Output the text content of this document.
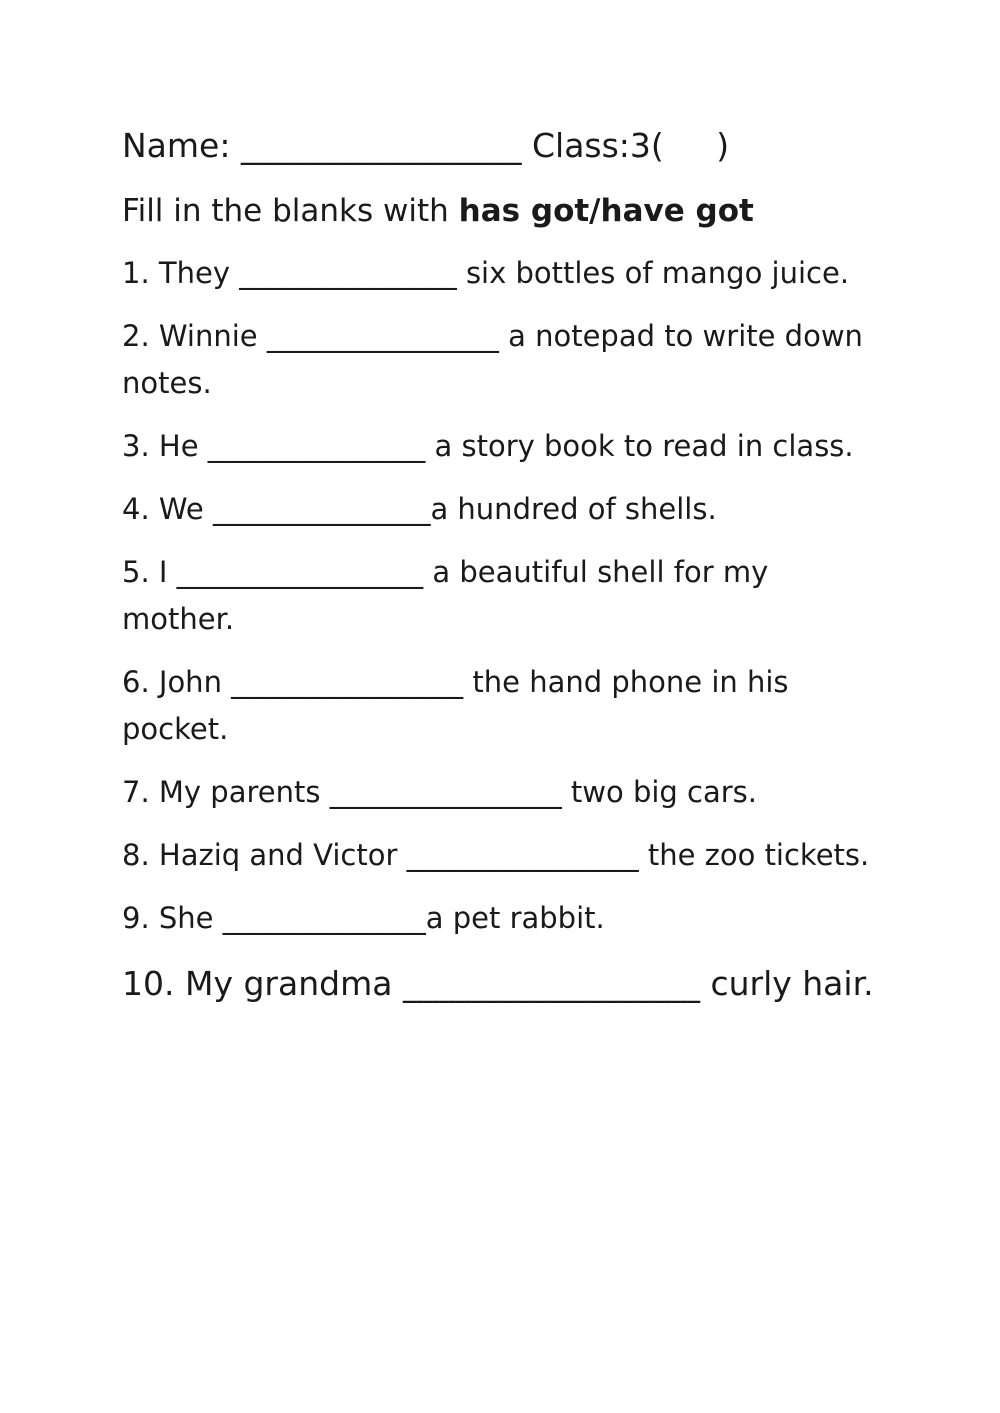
Name: _________________ Class:3( )
Fill in the blanks with has got/have got
1. They _______________ six bottles of mango juice.
2. Winnie ________________ a notepad to write down notes.
3. He _______________ a story book to read in class.
4. We _______________a hundred of shells.
5. I _________________ a beautiful shell for my mother.
6. John ________________ the hand phone in his pocket.
7. My parents ________________ two big cars.
8. Haziq and Victor ________________ the zoo tickets.
9. She ______________a pet rabbit.
10. My grandma __________________ curly hair.
